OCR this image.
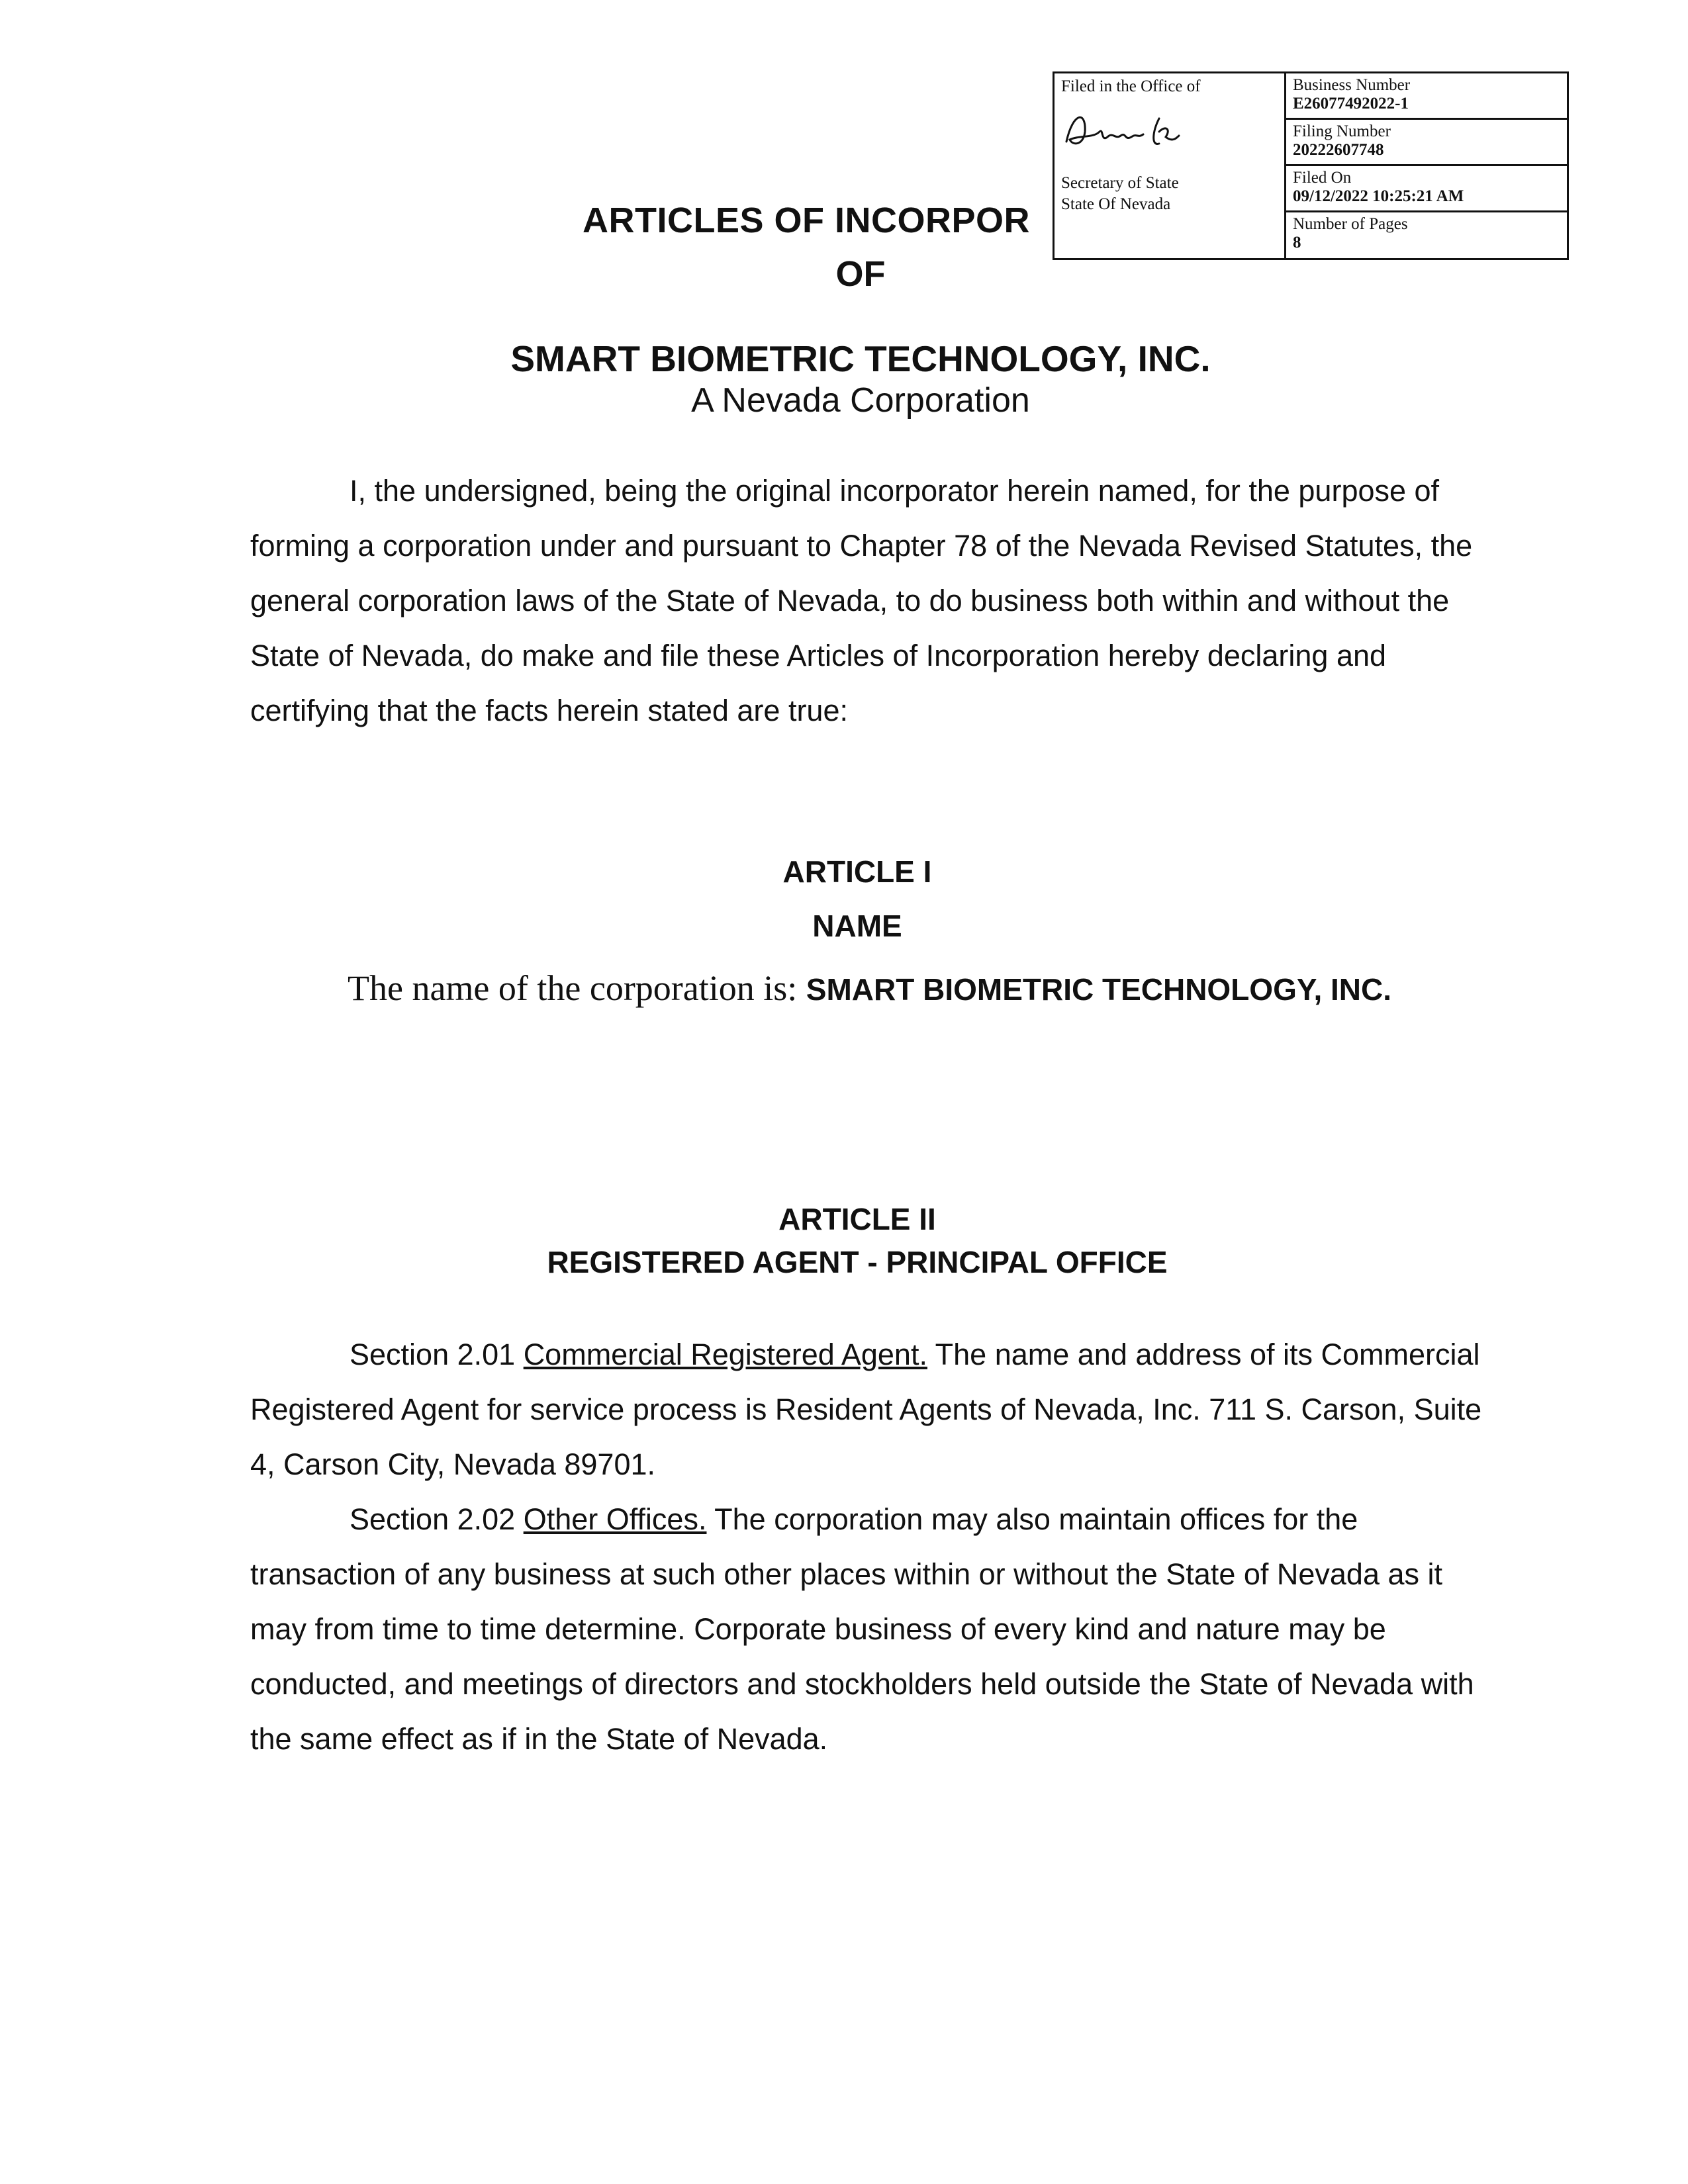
ARTICLES OF INCORPOR
OF
Filed in the Office of
Secretary of State
State Of Nevada
Business Number
E26077492022-1
Filing Number
20222607748
Filed On
09/12/2022 10:25:21 AM
Number of Pages
8
SMART BIOMETRIC TECHNOLOGY, INC.

A Nevada Corporation

I, the undersigned, being the original incorporator herein named, for the purpose of forming a corporation under and pursuant to Chapter 78 of the Nevada Revised Statutes, the general corporation laws of the State of Nevada, to do business both within and without the State of Nevada, do make and file these Articles of Incorporation hereby declaring and certifying that the facts herein stated are true:

ARTICLE I
NAME

The name of the corporation is: SMART BIOMETRIC TECHNOLOGY, INC.

ARTICLE II
REGISTERED AGENT - PRINCIPAL OFFICE

Section 2.01 Commercial Registered Agent. The name and address of its Commercial Registered Agent for service process is Resident Agents of Nevada, Inc. 711 S. Carson, Suite 4, Carson City, Nevada 89701.

Section 2.02 Other Offices. The corporation may also maintain offices for the transaction of any business at such other places within or without the State of Nevada as it may from time to time determine. Corporate business of every kind and nature may be conducted, and meetings of directors and stockholders held outside the State of Nevada with the same effect as if in the State of Nevada.
